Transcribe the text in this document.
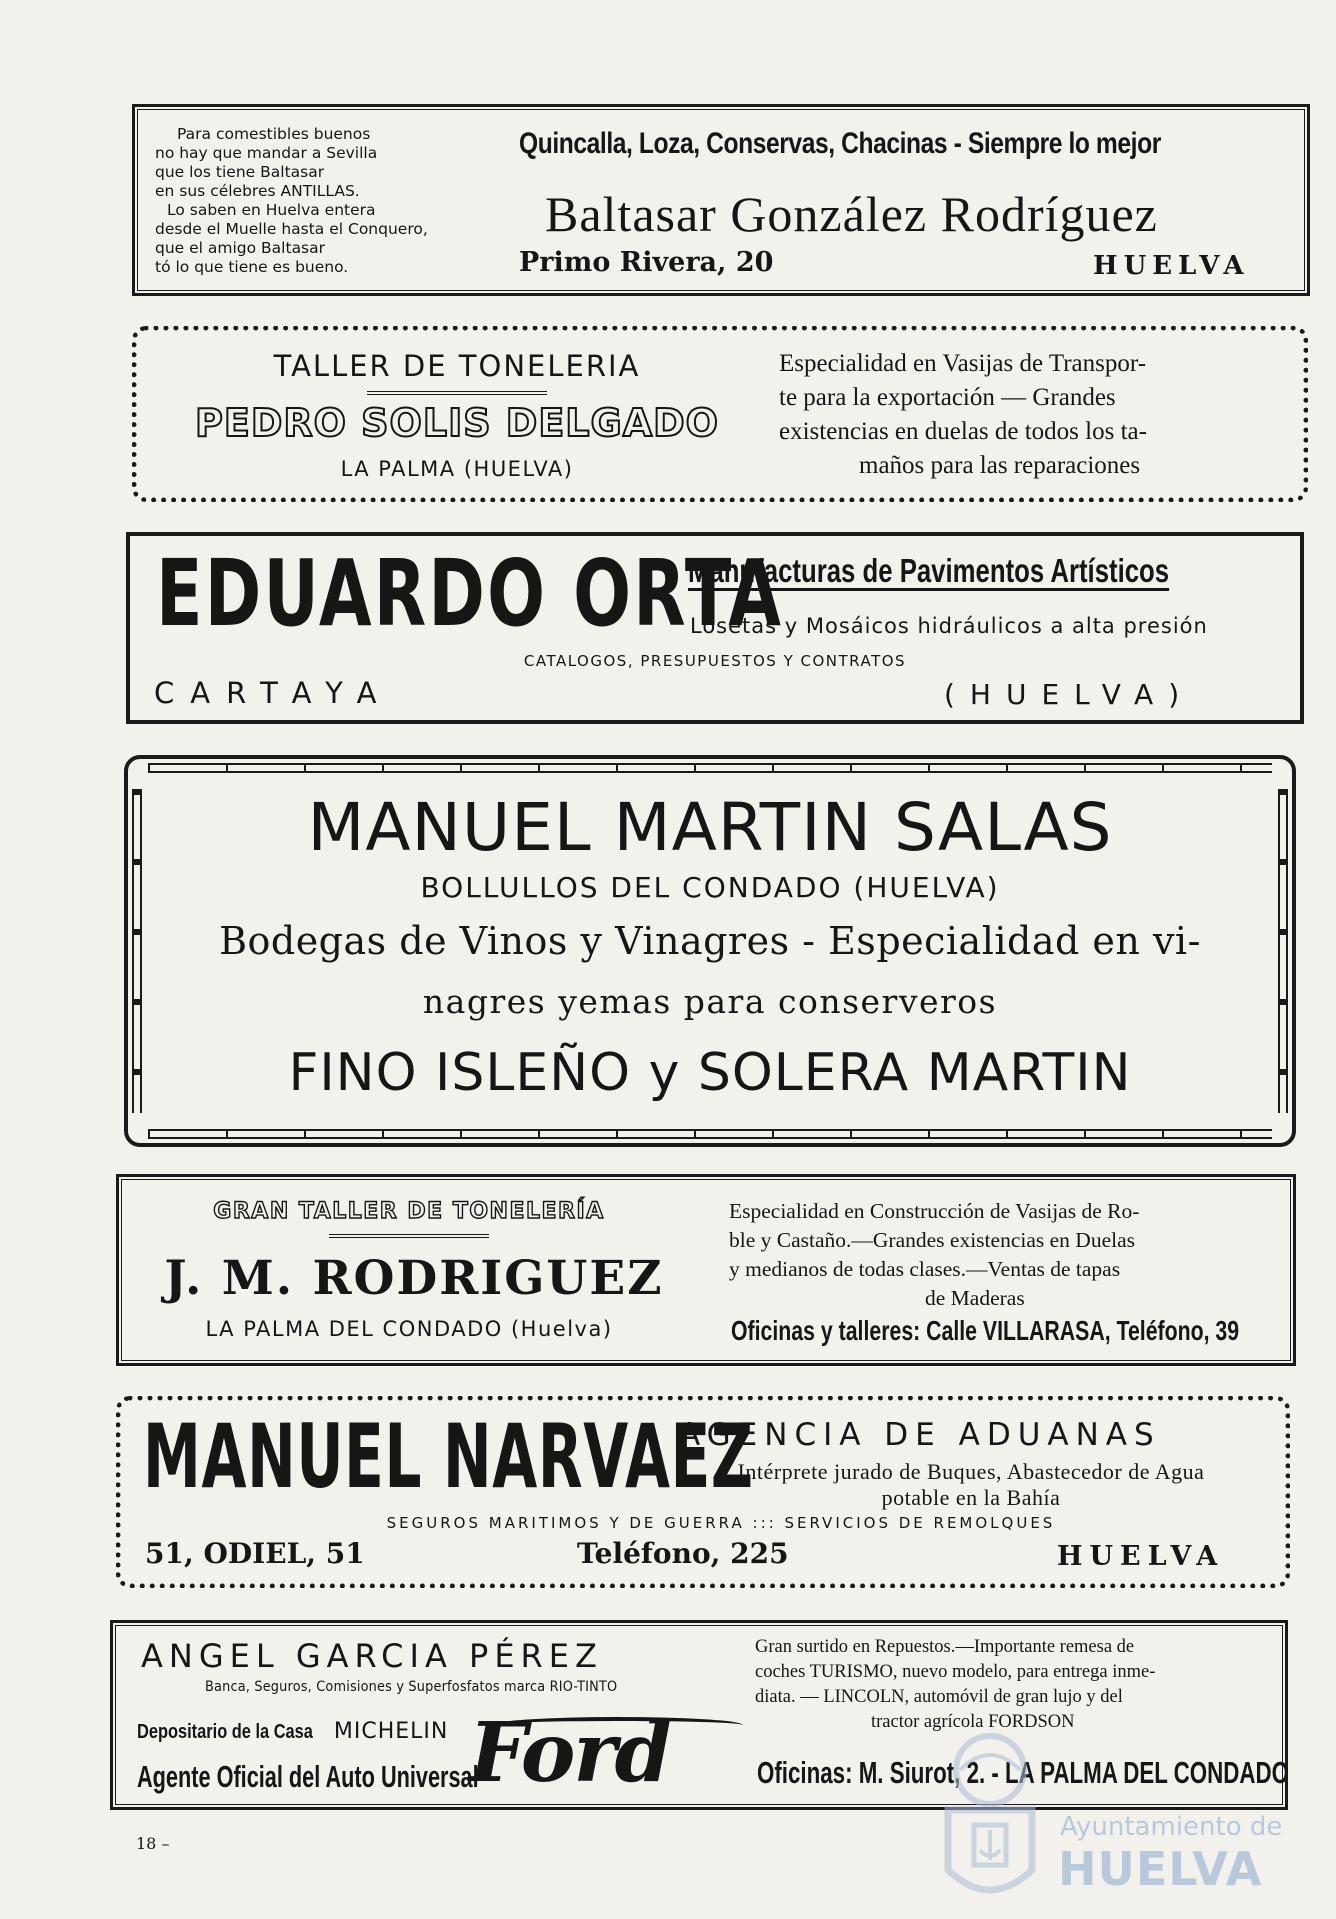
Para comestibles buenos
no hay que mandar a Sevilla
que los tiene Baltasar
en sus célebres ANTILLAS.
Lo saben en Huelva entera
desde el Muelle hasta el Conquero,
que el amigo Baltasar
tó lo que tiene es bueno.
Quincalla, Loza, Conservas, Chacinas - Siempre lo mejor
Baltasar González Rodríguez
Primo Rivera, 20	HUELVA
TALLER DE TONELERIA
PEDRO SOLIS DELGADO
LA PALMA (HUELVA)
Especialidad en Vasijas de Transpor-
te para la exportación — Grandes
existencias en duelas de todos los ta-
maños para las reparaciones
EDUARDO ORTA
Manufacturas de Pavimentos Artísticos
Losetas y Mosáicos hidráulicos a alta presión
CATALOGOS, PRESUPUESTOS Y CONTRATOS
CARTAYA	(HUELVA)
MANUEL MARTIN SALAS
BOLLULLOS DEL CONDADO (HUELVA)
Bodegas de Vinos y Vinagres - Especialidad en vi-
nagres yemas para conserveros
FINO ISLEÑO y SOLERA MARTIN
GRAN TALLER DE TONELERÍA
J. M. RODRIGUEZ
LA PALMA DEL CONDADO (Huelva)
Especialidad en Construcción de Vasijas de Ro-
ble y Castaño.—Grandes existencias en Duelas
y medianos de todas clases.—Ventas de tapas
de Maderas
Oficinas y talleres: Calle VILLARASA, Teléfono, 39
MANUEL NARVAEZ
AGENCIA DE ADUANAS
Intérprete jurado de Buques, Abastecedor de Agua
potable en la Bahía
SEGUROS MARITIMOS Y DE GUERRA ::: SERVICIOS DE REMOLQUES
51, ODIEL, 51	Teléfono, 225	HUELVA
ANGEL GARCIA PÉREZ
Banca, Seguros, Comisiones y Superfosfatos marca RIO-TINTO
Depositario de la Casa MICHELIN
Agente Oficial del Auto Universal
Ford
Gran surtido en Repuestos.—Importante remesa de
coches TURISMO, nuevo modelo, para entrega inme-
diata. — LINCOLN, automóvil de gran lujo y del
tractor agrícola FORDSON
Oficinas: M. Siurot, 2. - LA PALMA DEL CONDADO
18 –
Ayuntamiento de
HUELVA
